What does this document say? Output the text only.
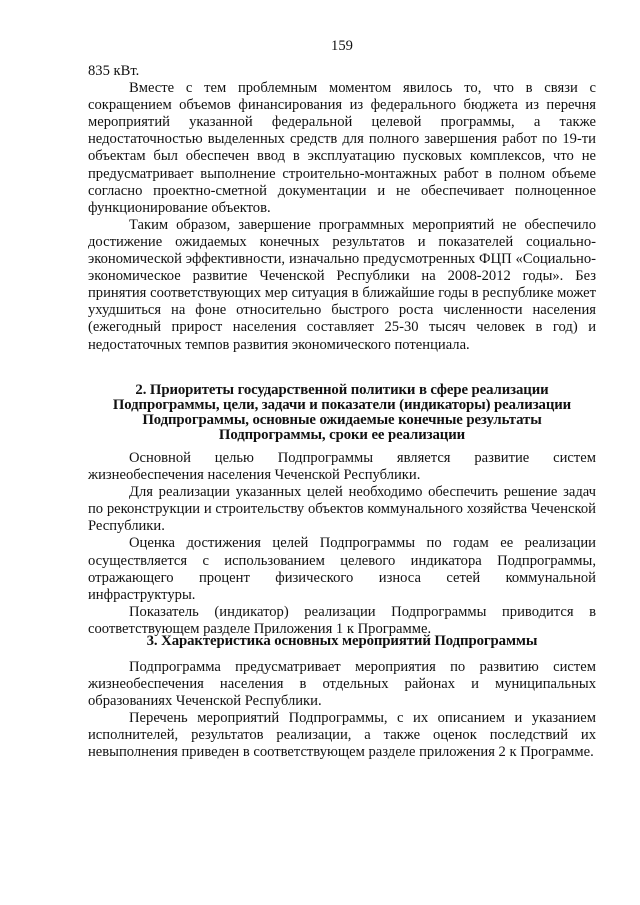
159

835 кВт.

Вместе с тем проблемным моментом явилось то, что в связи с сокращением объемов финансирования из федерального бюджета из перечня мероприятий указанной федеральной целевой программы, а также недостаточностью выделенных средств для полного завершения работ по 19-ти объектам был обеспечен ввод в эксплуатацию пусковых комплексов, что не предусматривает выполнение строительно-монтажных работ в полном объеме согласно проектно-сметной документации и не обеспечивает полноценное функционирование объектов.

Таким образом, завершение программных мероприятий не обеспечило достижение ожидаемых конечных результатов и показателей социально-экономической эффективности, изначально предусмотренных ФЦП «Социально-экономическое развитие Чеченской Республики на 2008-2012 годы». Без принятия соответствующих мер ситуация в ближайшие годы в республике может ухудшиться на фоне относительно быстрого роста численности населения (ежегодный прирост населения составляет 25-30 тысяч человек в год) и недостаточных темпов развития экономического потенциала.

2. Приоритеты государственной политики в сфере реализации Подпрограммы, цели, задачи и показатели (индикаторы) реализации Подпрограммы, основные ожидаемые конечные результаты Подпрограммы, сроки ее реализации

Основной целью Подпрограммы является развитие систем жизнеобеспечения населения Чеченской Республики.

Для реализации указанных целей необходимо обеспечить решение задач по реконструкции и строительству объектов коммунального хозяйства Чеченской Республики.

Оценка достижения целей Подпрограммы по годам ее реализации осуществляется с использованием целевого индикатора Подпрограммы, отражающего процент физического износа сетей коммунальной инфраструктуры.

Показатель (индикатор) реализации Подпрограммы приводится в соответствующем разделе Приложения 1 к Программе.

3. Характеристика основных мероприятий Подпрограммы

Подпрограмма предусматривает мероприятия по развитию систем жизнеобеспечения населения в отдельных районах и муниципальных образованиях Чеченской Республики.

Перечень мероприятий Подпрограммы, с их описанием и указанием исполнителей, результатов реализации, а также оценок последствий их невыполнения приведен в соответствующем разделе приложения 2 к Программе.
